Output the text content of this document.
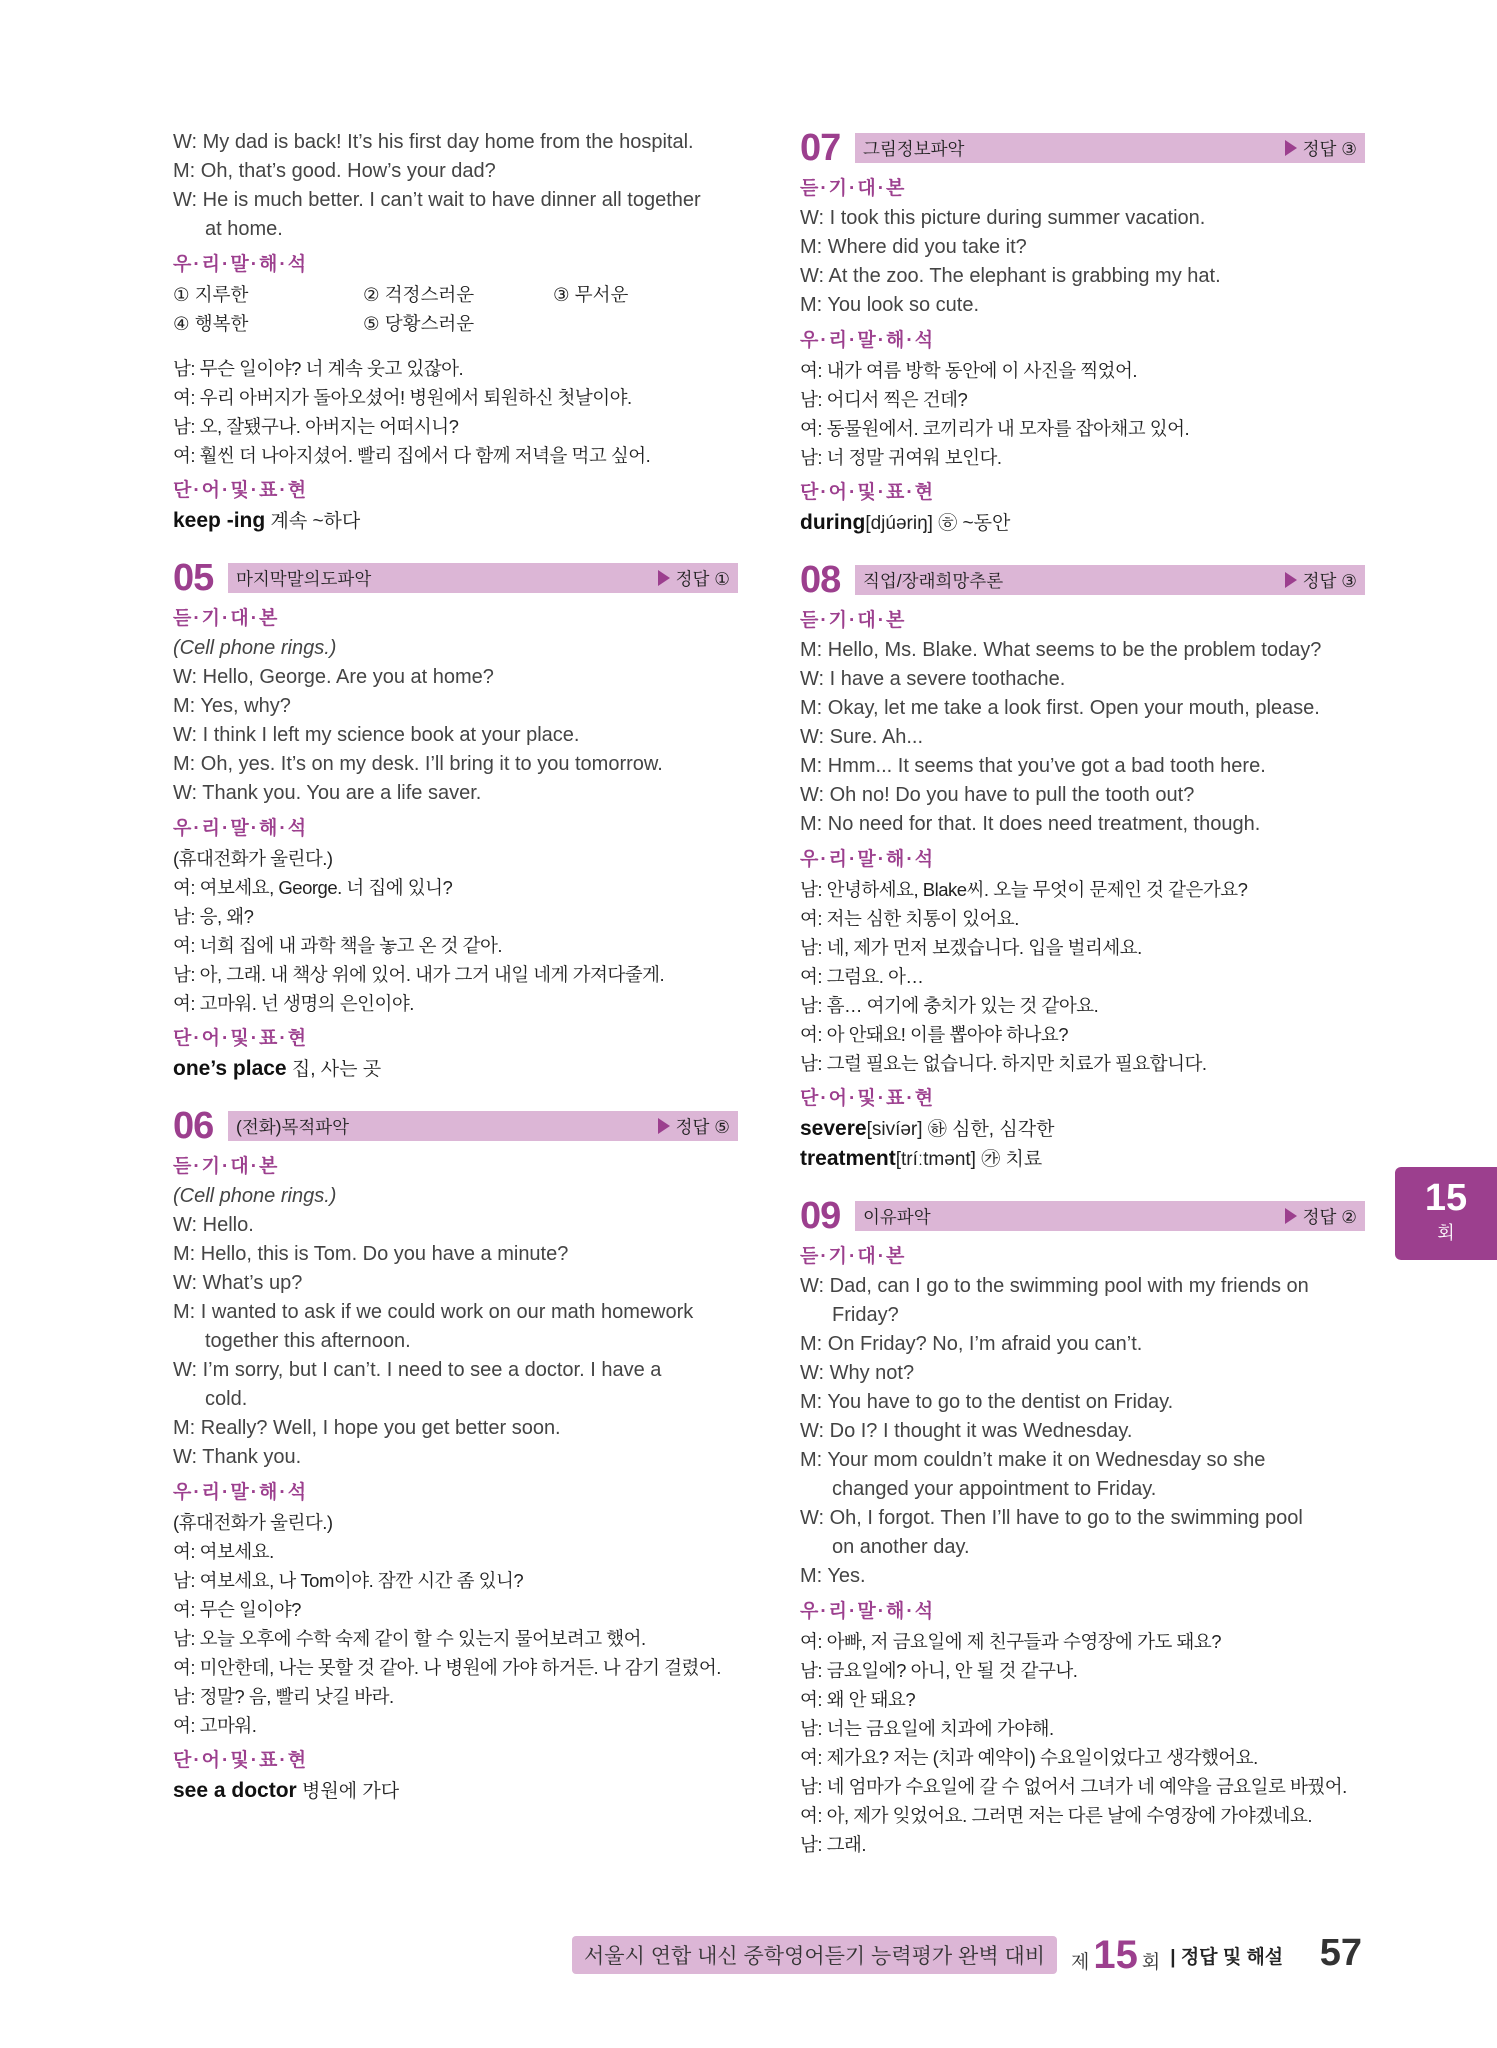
W: My dad is back! It’s his first day home from the hospital.
M: Oh, that’s good. How’s your dad?
W: He is much better. I can’t wait to have dinner all together
at home.
우·리·말·해·석
① 지루한	② 걱정스러운	③ 무서운
④ 행복한	⑤ 당황스러운
남: 무슨 일이야? 너 계속 웃고 있잖아.
여: 우리 아버지가 돌아오셨어! 병원에서 퇴원하신 첫날이야.
남: 오, 잘됐구나. 아버지는 어떠시니?
여: 훨씬 더 나아지셨어. 빨리 집에서 다 함께 저녁을 먹고 싶어.
단·어·및·표·현
keep -ing 계속 ~하다
05	마지막말의도파악	정답 ①
듣·기·대·본
(Cell phone rings.)
W: Hello, George. Are you at home?
M: Yes, why?
W: I think I left my science book at your place.
M: Oh, yes. It’s on my desk. I’ll bring it to you tomorrow.
W: Thank you. You are a life saver.
우·리·말·해·석
(휴대전화가 울린다.)
여: 여보세요, George. 너 집에 있니?
남: 응, 왜?
여: 너희 집에 내 과학 책을 놓고 온 것 같아.
남: 아, 그래. 내 책상 위에 있어. 내가 그거 내일 네게 가져다줄게.
여: 고마워. 넌 생명의 은인이야.
단·어·및·표·현
one’s place 집, 사는 곳
06	(전화)목적파악	정답 ⑤
듣·기·대·본
(Cell phone rings.)
W: Hello.
M: Hello, this is Tom. Do you have a minute?
W: What’s up?
M: I wanted to ask if we could work on our math homework
together this afternoon.
W: I’m sorry, but I can’t. I need to see a doctor. I have a
cold.
M: Really? Well, I hope you get better soon.
W: Thank you.
우·리·말·해·석
(휴대전화가 울린다.)
여: 여보세요.
남: 여보세요, 나 Tom이야. 잠깐 시간 좀 있니?
여: 무슨 일이야?
남: 오늘 오후에 수학 숙제 같이 할 수 있는지 물어보려고 했어.
여: 미안한데, 나는 못할 것 같아. 나 병원에 가야 하거든. 나 감기 걸렸어.
남: 정말? 음, 빨리 낫길 바라.
여: 고마워.
단·어·및·표·현
see a doctor 병원에 가다
07	그림정보파악	정답 ③
듣·기·대·본
W: I took this picture during summer vacation.
M: Where did you take it?
W: At the zoo. The elephant is grabbing my hat.
M: You look so cute.
우·리·말·해·석
여: 내가 여름 방학 동안에 이 사진을 찍었어.
남: 어디서 찍은 건데?
여: 동물원에서. 코끼리가 내 모자를 잡아채고 있어.
남: 너 정말 귀여워 보인다.
단·어·및·표·현
during[djúəriŋ] ㉭ ~동안
08	직업/장래희망추론	정답 ③
듣·기·대·본
M: Hello, Ms. Blake. What seems to be the problem today?
W: I have a severe toothache.
M: Okay, let me take a look first. Open your mouth, please.
W: Sure. Ah...
M: Hmm... It seems that you’ve got a bad tooth here.
W: Oh no! Do you have to pull the tooth out?
M: No need for that. It does need treatment, though.
우·리·말·해·석
남: 안녕하세요, Blake씨. 오늘 무엇이 문제인 것 같은가요?
여: 저는 심한 치통이 있어요.
남: 네, 제가 먼저 보겠습니다. 입을 벌리세요.
여: 그럼요. 아…
남: 흠… 여기에 충치가 있는 것 같아요.
여: 아 안돼요! 이를 뽑아야 하나요?
남: 그럴 필요는 없습니다. 하지만 치료가 필요합니다.
단·어·및·표·현
severe[sivíər] ㉻ 심한, 심각한
treatment[tríːtmənt] ㉮ 치료
09	이유파악	정답 ②
듣·기·대·본
W: Dad, can I go to the swimming pool with my friends on
Friday?
M: On Friday? No, I’m afraid you can’t.
W: Why not?
M: You have to go to the dentist on Friday.
W: Do I? I thought it was Wednesday.
M: Your mom couldn’t make it on Wednesday so she
changed your appointment to Friday.
W: Oh, I forgot. Then I’ll have to go to the swimming pool
on another day.
M: Yes.
우·리·말·해·석
여: 아빠, 저 금요일에 제 친구들과 수영장에 가도 돼요?
남: 금요일에? 아니, 안 될 것 같구나.
여: 왜 안 돼요?
남: 너는 금요일에 치과에 가야해.
여: 제가요? 저는 (치과 예약이) 수요일이었다고 생각했어요.
남: 네 엄마가 수요일에 갈 수 없어서 그녀가 네 예약을 금요일로 바꿨어.
여: 아, 제가 잊었어요. 그러면 저는 다른 날에 수영장에 가야겠네요.
남: 그래.
15
회
서울시 연합 내신 중학영어듣기 능력평가 완벽 대비	제 15 회 | 정답 및 해설 57
